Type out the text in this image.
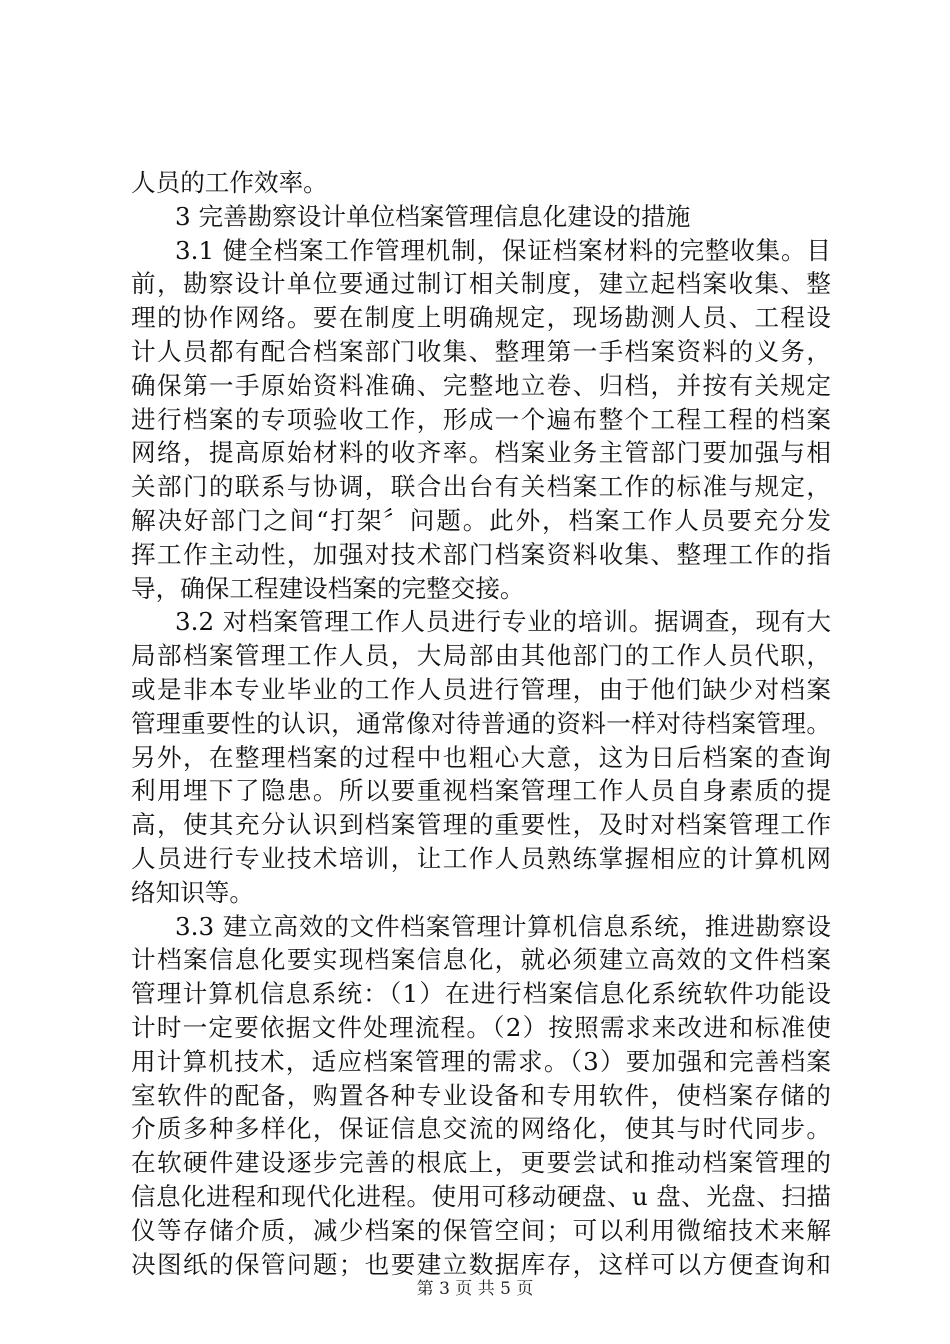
人员的工作效率。
3 完善勘察设计单位档案管理信息化建设的措施
3.1 健全档案工作管理机制，保证档案材料的完整收集。目
前，勘察设计单位要通过制订相关制度，建立起档案收集、整
理的协作网络。要在制度上明确规定，现场勘测人员、工程设
计人员都有配合档案部门收集、整理第一手档案资料的义务，
确保第一手原始资料准确、完整地立卷、归档，并按有关规定
进行档案的专项验收工作，形成一个遍布整个工程工程的档案
网络，提高原始材料的收齐率。档案业务主管部门要加强与相
关部门的联系与协调，联合出台有关档案工作的标准与规定，
解决好部门之间“打架〞问题。此外，档案工作人员要充分发
挥工作主动性，加强对技术部门档案资料收集、整理工作的指
导，确保工程建设档案的完整交接。
3.2 对档案管理工作人员进行专业的培训。据调查，现有大
局部档案管理工作人员，大局部由其他部门的工作人员代职，
或是非本专业毕业的工作人员进行管理，由于他们缺少对档案
管理重要性的认识，通常像对待普通的资料一样对待档案管理。
另外，在整理档案的过程中也粗心大意，这为日后档案的查询
利用埋下了隐患。所以要重视档案管理工作人员自身素质的提
高，使其充分认识到档案管理的重要性，及时对档案管理工作
人员进行专业技术培训，让工作人员熟练掌握相应的计算机网
络知识等。
3.3 建立高效的文件档案管理计算机信息系统，推进勘察设
计档案信息化要实现档案信息化，就必须建立高效的文件档案
管理计算机信息系统：（1）在进行档案信息化系统软件功能设
计时一定要依据文件处理流程。（2）按照需求来改进和标准使
用计算机技术，适应档案管理的需求。（3）要加强和完善档案
室软件的配备，购置各种专业设备和专用软件，使档案存储的
介质多种多样化，保证信息交流的网络化，使其与时代同步。
在软硬件建设逐步完善的根底上，更要尝试和推动档案管理的
信息化进程和现代化进程。使用可移动硬盘、u 盘、光盘、扫描
仪等存储介质，减少档案的保管空间；可以利用微缩技术来解
决图纸的保管问题；也要建立数据库存，这样可以方便查询和
第 3 页 共 5 页
